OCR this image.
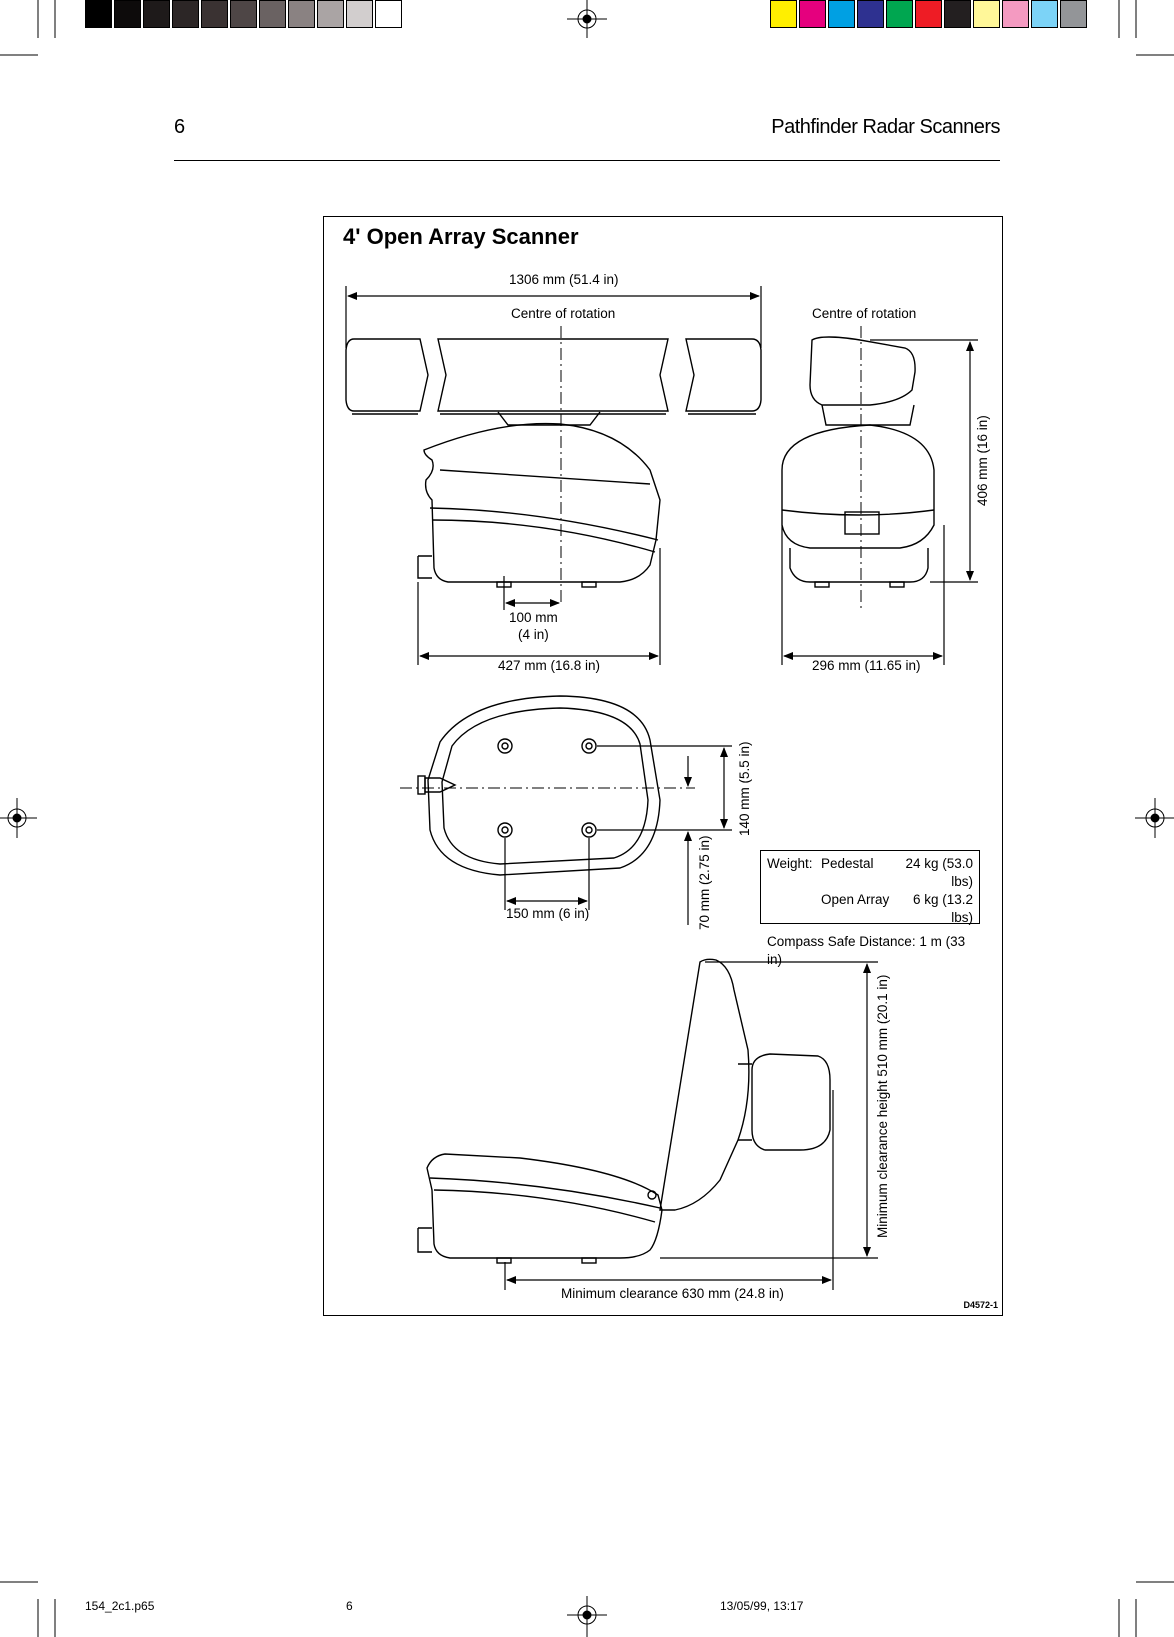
6	Pathfinder Radar Scanners
4' Open Array Scanner
1306 mm (51.4 in)
Centre of rotation	Centre of rotation
406 mm (16 in)
100 mm
(4 in)
427 mm (16.8 in)	296 mm (11.65 in)
140 mm (5.5 in)
70 mm (2.75 in)
150 mm (6 in)
Minimum clearance height 510 mm (20.1 in)
Minimum clearance 630 mm (24.8 in)
Weight: Pedestal	24 kg (53.0 lbs)
Open Array	6 kg (13.2 lbs)
Compass Safe Distance: 1 m (33 in)
D4572-1
154_2c1.p65	6	13/05/99, 13:17
